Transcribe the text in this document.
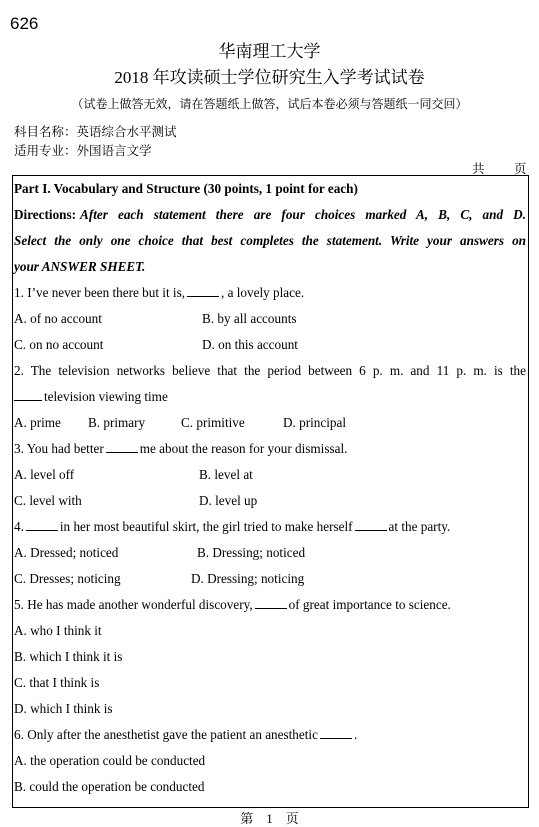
626
华南理工大学
2018 年攻读硕士学位研究生入学考试试卷
（试卷上做答无效，请在答题纸上做答，试后本卷必须与答题纸一同交回）
科目名称：英语综合水平测试
适用专业：外国语言文学
共 页
Part I. Vocabulary and Structure (30 points, 1 point for each)
Directions: After each statement there are four choices marked A, B, C, and D.
Select the only one choice that best completes the statement. Write your answers on
your ANSWER SHEET.
1. I’ve never been there but it is,	, a lovely place.
A. of no account	B. by all accounts
C. on no account	D. on this account
2. The television networks believe that the period between 6 p. m. and 11 p. m. is the
television viewing time
A. prime B. primary	C. primitive	D. principal
3. You had better	me about the reason for your dismissal.
A. level off	B. level at
C. level with	D. level up
4.	in her most beautiful skirt, the girl tried to make herself	at the party.
A. Dressed; noticed	B. Dressing; noticed
C. Dresses; noticing	D. Dressing; noticing
5. He has made another wonderful discovery,	of great importance to science.
A. who I think it
B. which I think it is
C. that I think is
D. which I think is
6. Only after the anesthetist gave the patient an anesthetic	.
A. the operation could be conducted
B. could the operation be conducted
第 1 页
